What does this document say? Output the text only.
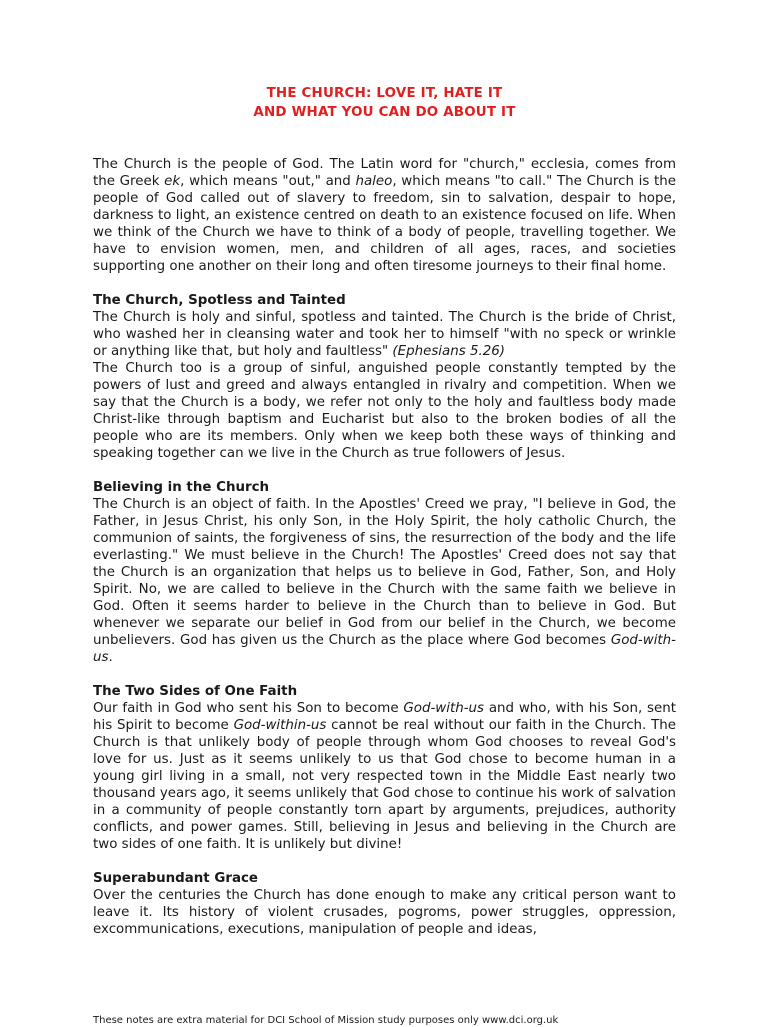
THE CHURCH: LOVE IT, HATE IT
AND WHAT YOU CAN DO ABOUT IT

The Church is the people of God. The Latin word for "church," ecclesia, comes from the Greek ek, which means "out," and haleo, which means "to call." The Church is the people of God called out of slavery to freedom, sin to salvation, despair to hope, darkness to light, an existence centred on death to an existence focused on life. When we think of the Church we have to think of a body of people, travelling together. We have to envision women, men, and children of all ages, races, and societies supporting one another on their long and often tiresome journeys to their final home.

The Church, Spotless and Tainted

The Church is holy and sinful, spotless and tainted. The Church is the bride of Christ, who washed her in cleansing water and took her to himself "with no speck or wrinkle or anything like that, but holy and faultless" (Ephesians 5.26)

The Church too is a group of sinful, anguished people constantly tempted by the powers of lust and greed and always entangled in rivalry and competition. When we say that the Church is a body, we refer not only to the holy and faultless body made Christ-like through baptism and Eucharist but also to the broken bodies of all the people who are its members. Only when we keep both these ways of thinking and speaking together can we live in the Church as true followers of Jesus.

Believing in the Church

The Church is an object of faith. In the Apostles' Creed we pray, "I believe in God, the Father, in Jesus Christ, his only Son, in the Holy Spirit, the holy catholic Church, the communion of saints, the forgiveness of sins, the resurrection of the body and the life everlasting." We must believe in the Church! The Apostles' Creed does not say that the Church is an organization that helps us to believe in God, Father, Son, and Holy Spirit. No, we are called to believe in the Church with the same faith we believe in God. Often it seems harder to believe in the Church than to believe in God. But whenever we separate our belief in God from our belief in the Church, we become unbelievers. God has given us the Church as the place where God becomes God-with-us.

The Two Sides of One Faith

Our faith in God who sent his Son to become God-with-us and who, with his Son, sent his Spirit to become God-within-us cannot be real without our faith in the Church. The Church is that unlikely body of people through whom God chooses to reveal God's love for us. Just as it seems unlikely to us that God chose to become human in a young girl living in a small, not very respected town in the Middle East nearly two thousand years ago, it seems unlikely that God chose to continue his work of salvation in a community of people constantly torn apart by arguments, prejudices, authority conflicts, and power games. Still, believing in Jesus and believing in the Church are two sides of one faith. It is unlikely but divine!

Superabundant Grace

Over the centuries the Church has done enough to make any critical person want to leave it. Its history of violent crusades, pogroms, power struggles, oppression, excommunications, executions, manipulation of people and ideas,

These notes are extra material for DCI School of Mission study purposes only www.dci.org.uk
